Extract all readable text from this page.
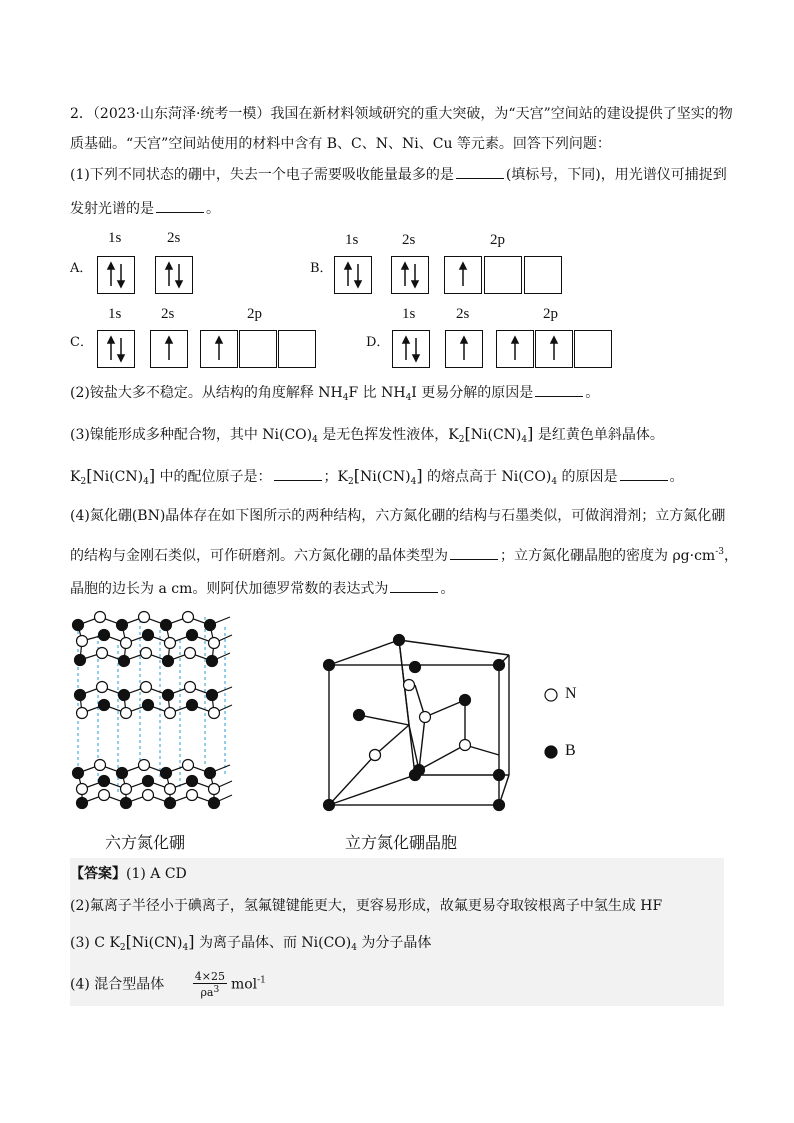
2．（2023·山东菏泽·统考一模）我国在新材料领域研究的重大突破，为“天宫”空间站的建设提供了坚实的物
质基础。“天宫”空间站使用的材料中含有 B、C、N、Ni、Cu 等元素。回答下列问题：
(1)下列不同状态的硼中，失去一个电子需要吸收能量最多的是	(填标号，下同)，用光谱仪可捕捉到
发射光谱的是	。
A．
1s	2s
B．
1s	2s	2p
C．
1s	2s	2p
D．
1s	2s	2p
(2)铵盐大多不稳定。从结构的角度解释 $NH_4F$ 比 $NH_4I$ 更易分解的原因是	。
(3)镍能形成多种配合物，其中 $Ni(CO)_4$ 是无色挥发性液体，$K_2[Ni(CN)_4]$ 是红黄色单斜晶体。
$K_2[Ni(CN)_4]$ 中的配位原子是：	；$K_2[Ni(CN)_4]$ 的熔点高于 $Ni(CO)_4$ 的原因是	。
(4)氮化硼(BN)晶体存在如下图所示的两种结构，六方氮化硼的结构与石墨类似，可做润滑剂；立方氮化硼
的结构与金刚石类似，可作研磨剂。六方氮化硼的晶体类型为	；立方氮化硼晶胞的密度为 $\rho g\cdot cm^{-3}$，
晶胞的边长为 a cm。则阿伏加德罗常数的表达式为	。
N
B
六方氮化硼	立方氮化硼晶胞
【答案】(1) A CD
(2)氟离子半径小于碘离子，氢氟键键能更大，更容易形成，故氟更易夺取铵根离子中氢生成 HF
(3) C $K_2[Ni(CN)_4]$ 为离子晶体、而 $Ni(CO)_4$ 为分子晶体
(4) 混合型晶体	$\frac{4\times 25}{\rho a^3} mol^{-1}$
